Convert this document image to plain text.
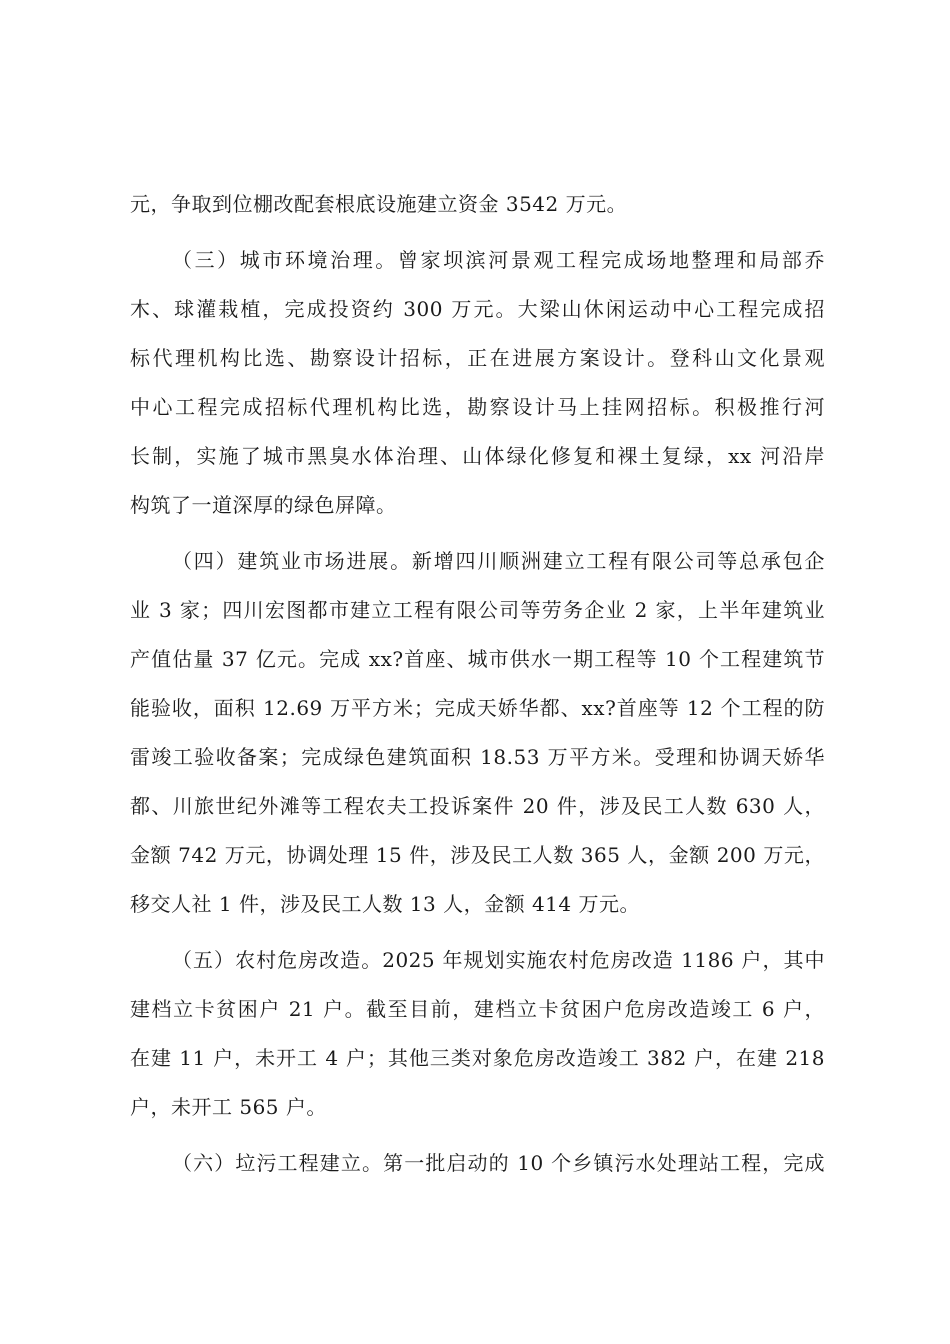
元，争取到位棚改配套根底设施建立资金 3542 万元。
（三）城市环境治理。曾家坝滨河景观工程完成场地整理和局部乔
木、球灌栽植，完成投资约 300 万元。大梁山休闲运动中心工程完成招
标代理机构比选、勘察设计招标，正在进展方案设计。登科山文化景观
中心工程完成招标代理机构比选，勘察设计马上挂网招标。积极推行河
长制，实施了城市黑臭水体治理、山体绿化修复和裸土复绿，xx 河沿岸
构筑了一道深厚的绿色屏障。
（四）建筑业市场进展。新增四川顺洲建立工程有限公司等总承包企
业 3 家；四川宏图都市建立工程有限公司等劳务企业 2 家，上半年建筑业
产值估量 37 亿元。完成 xx?首座、城市供水一期工程等 10 个工程建筑节
能验收，面积 12.69 万平方米；完成天娇华都、xx?首座等 12 个工程的防
雷竣工验收备案；完成绿色建筑面积 18.53 万平方米。受理和协调天娇华
都、川旅世纪外滩等工程农夫工投诉案件 20 件，涉及民工人数 630 人，
金额 742 万元，协调处理 15 件，涉及民工人数 365 人，金额 200 万元，
移交人社 1 件，涉及民工人数 13 人，金额 414 万元。
（五）农村危房改造。2025 年规划实施农村危房改造 1186 户，其中
建档立卡贫困户 21 户。截至目前，建档立卡贫困户危房改造竣工 6 户，
在建 11 户，未开工 4 户；其他三类对象危房改造竣工 382 户，在建 218
户，未开工 565 户。
（六）垃污工程建立。第一批启动的 10 个乡镇污水处理站工程，完成
